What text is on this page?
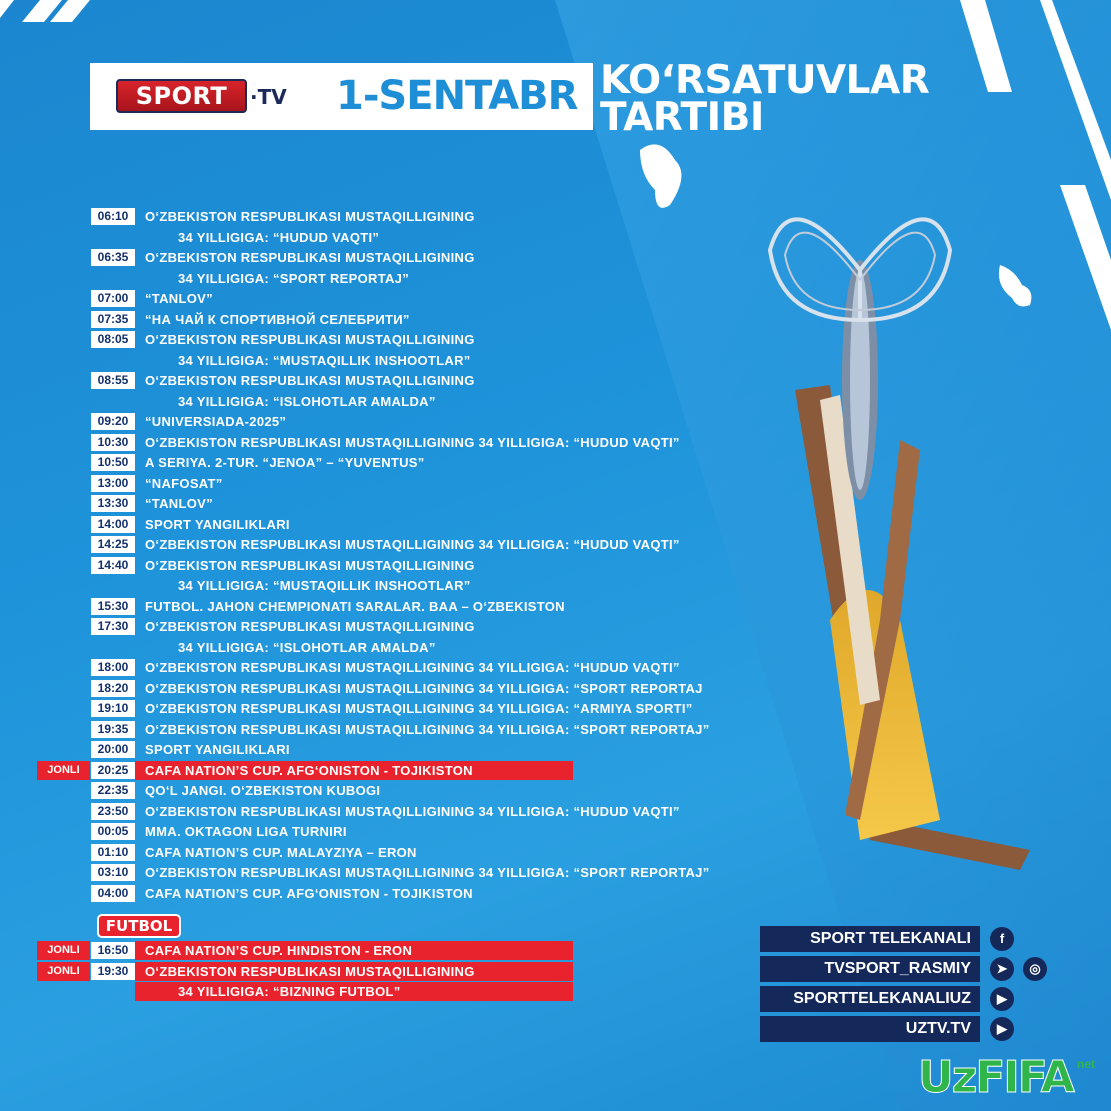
SPORT ·TV 1-SENTABR KO‘RSATUVLAR
TARTIBI
06:10	O‘ZBEKISTON RESPUBLIKASI MUSTAQILLIGINING
34 YILLIGIGA: “HUDUD VAQTI”
06:35	O‘ZBEKISTON RESPUBLIKASI MUSTAQILLIGINING
34 YILLIGIGA: “SPORT REPORTAJ”
07:00	“TANLOV”
07:35	“НА ЧАЙ К СПОРТИВНОЙ СЕЛЕБРИТИ”
08:05	O‘ZBEKISTON RESPUBLIKASI MUSTAQILLIGINING
34 YILLIGIGA: “MUSTAQILLIK INSHOOTLAR”
08:55	O‘ZBEKISTON RESPUBLIKASI MUSTAQILLIGINING
34 YILLIGIGA: “ISLOHOTLAR AMALDA”
09:20	“UNIVERSIADA-2025”
10:30	O‘ZBEKISTON RESPUBLIKASI MUSTAQILLIGINING 34 YILLIGIGA: “HUDUD VAQTI”
10:50	A SERIYA. 2-TUR. “JENOA” – “YUVENTUS”
13:00	“NAFOSAT”
13:30	“TANLOV”
14:00	SPORT YANGILIKLARI
14:25	O‘ZBEKISTON RESPUBLIKASI MUSTAQILLIGINING 34 YILLIGIGA: “HUDUD VAQTI”
14:40	O‘ZBEKISTON RESPUBLIKASI MUSTAQILLIGINING
34 YILLIGIGA: “MUSTAQILLIK INSHOOTLAR”
15:30	FUTBOL. JAHON CHEMPIONATI SARALAR. BAA – O‘ZBEKISTON
17:30	O‘ZBEKISTON RESPUBLIKASI MUSTAQILLIGINING
34 YILLIGIGA: “ISLOHOTLAR AMALDA”
18:00	O‘ZBEKISTON RESPUBLIKASI MUSTAQILLIGINING 34 YILLIGIGA: “HUDUD VAQTI”
18:20	O‘ZBEKISTON RESPUBLIKASI MUSTAQILLIGINING 34 YILLIGIGA: “SPORT REPORTAJ
19:10	O‘ZBEKISTON RESPUBLIKASI MUSTAQILLIGINING 34 YILLIGIGA: “ARMIYA SPORTI”
19:35	O‘ZBEKISTON RESPUBLIKASI MUSTAQILLIGINING 34 YILLIGIGA: “SPORT REPORTAJ”
20:00	SPORT YANGILIKLARI
JONLI	20:25	CAFA NATION’S CUP. AFG‘ONISTON - TOJIKISTON
22:35	QO‘L JANGI. O‘ZBEKISTON KUBOGI
23:50	O‘ZBEKISTON RESPUBLIKASI MUSTAQILLIGINING 34 YILLIGIGA: “HUDUD VAQTI”
00:05	MMA. OKTAGON LIGA TURNIRI
01:10	CAFA NATION’S CUP. MALAYZIYA – ERON
03:10	O‘ZBEKISTON RESPUBLIKASI MUSTAQILLIGINING 34 YILLIGIGA: “SPORT REPORTAJ”
04:00	CAFA NATION’S CUP. AFG‘ONISTON - TOJIKISTON
FUTBOL
JONLI	16:50	CAFA NATION’S CUP. HINDISTON - ERON
JONLI	19:30	O‘ZBEKISTON RESPUBLIKASI MUSTAQILLIGINING
34 YILLIGIGA: “BIZNING FUTBOL”
SPORT TELEKANALI	f
TVSPORT_RASMIY	➤	◎
SPORTTELEKANALIUZ	▶
UZTV.TV	▶
UzFIFA net
